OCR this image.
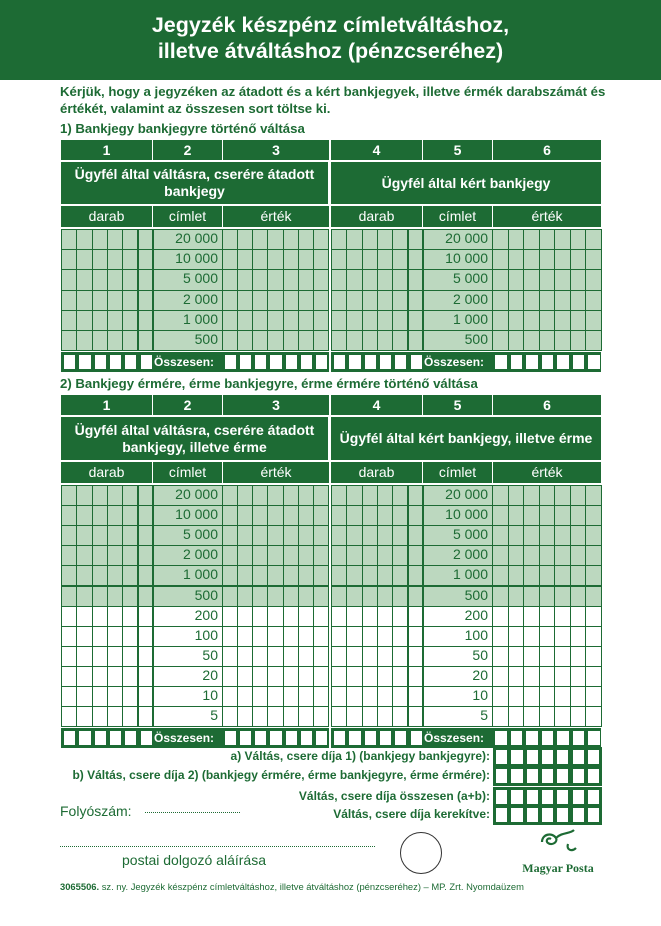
Jegyzék készpénz címletváltáshoz,
illetve átváltáshoz (pénzcseréhez)
Kérjük, hogy a jegyzéken az átadott és a kért bankjegyek, illetve érmék darabszámát és értékét, valamint az összesen sort töltse ki.
1) Bankjegy bankjegyre történő váltása
1	2	3	4	5	6
Ügyfél által váltásra, cserére átadott bankjegy
Ügyfél által kért bankjegy
darab	címlet	érték	darab	címlet	érték
20 000	20 000
10 000	10 000
5 000	5 000
2 000	2 000
1 000	1 000
500	500
Összesen:	Összesen:
2) Bankjegy érmére, érme bankjegyre, érme érmére történő váltása
1	2	3	4	5	6
Ügyfél által váltásra, cserére átadott bankjegy, illetve érme
Ügyfél által kért bankjegy, illetve érme
darab	címlet	érték	darab	címlet	érték
20 000	20 000
10 000	10 000
5 000	5 000
2 000	2 000
1 000	1 000
500	500
200	200
100	100
50	50
20	20
10	10
5	5
Összesen:	Összesen:
a) Váltás, csere díja 1) (bankjegy bankjegyre):
b) Váltás, csere díja 2) (bankjegy érmére, érme bankjegyre, érme érmére):
Váltás, csere díja összesen (a+b):
Váltás, csere díja kerekítve:
Folyószám:
postai dolgozó aláírása	Magyar Posta
3065506. sz. ny. Jegyzék készpénz címletváltáshoz, illetve átváltáshoz (pénzcseréhez) – MP. Zrt. Nyomdaüzem
